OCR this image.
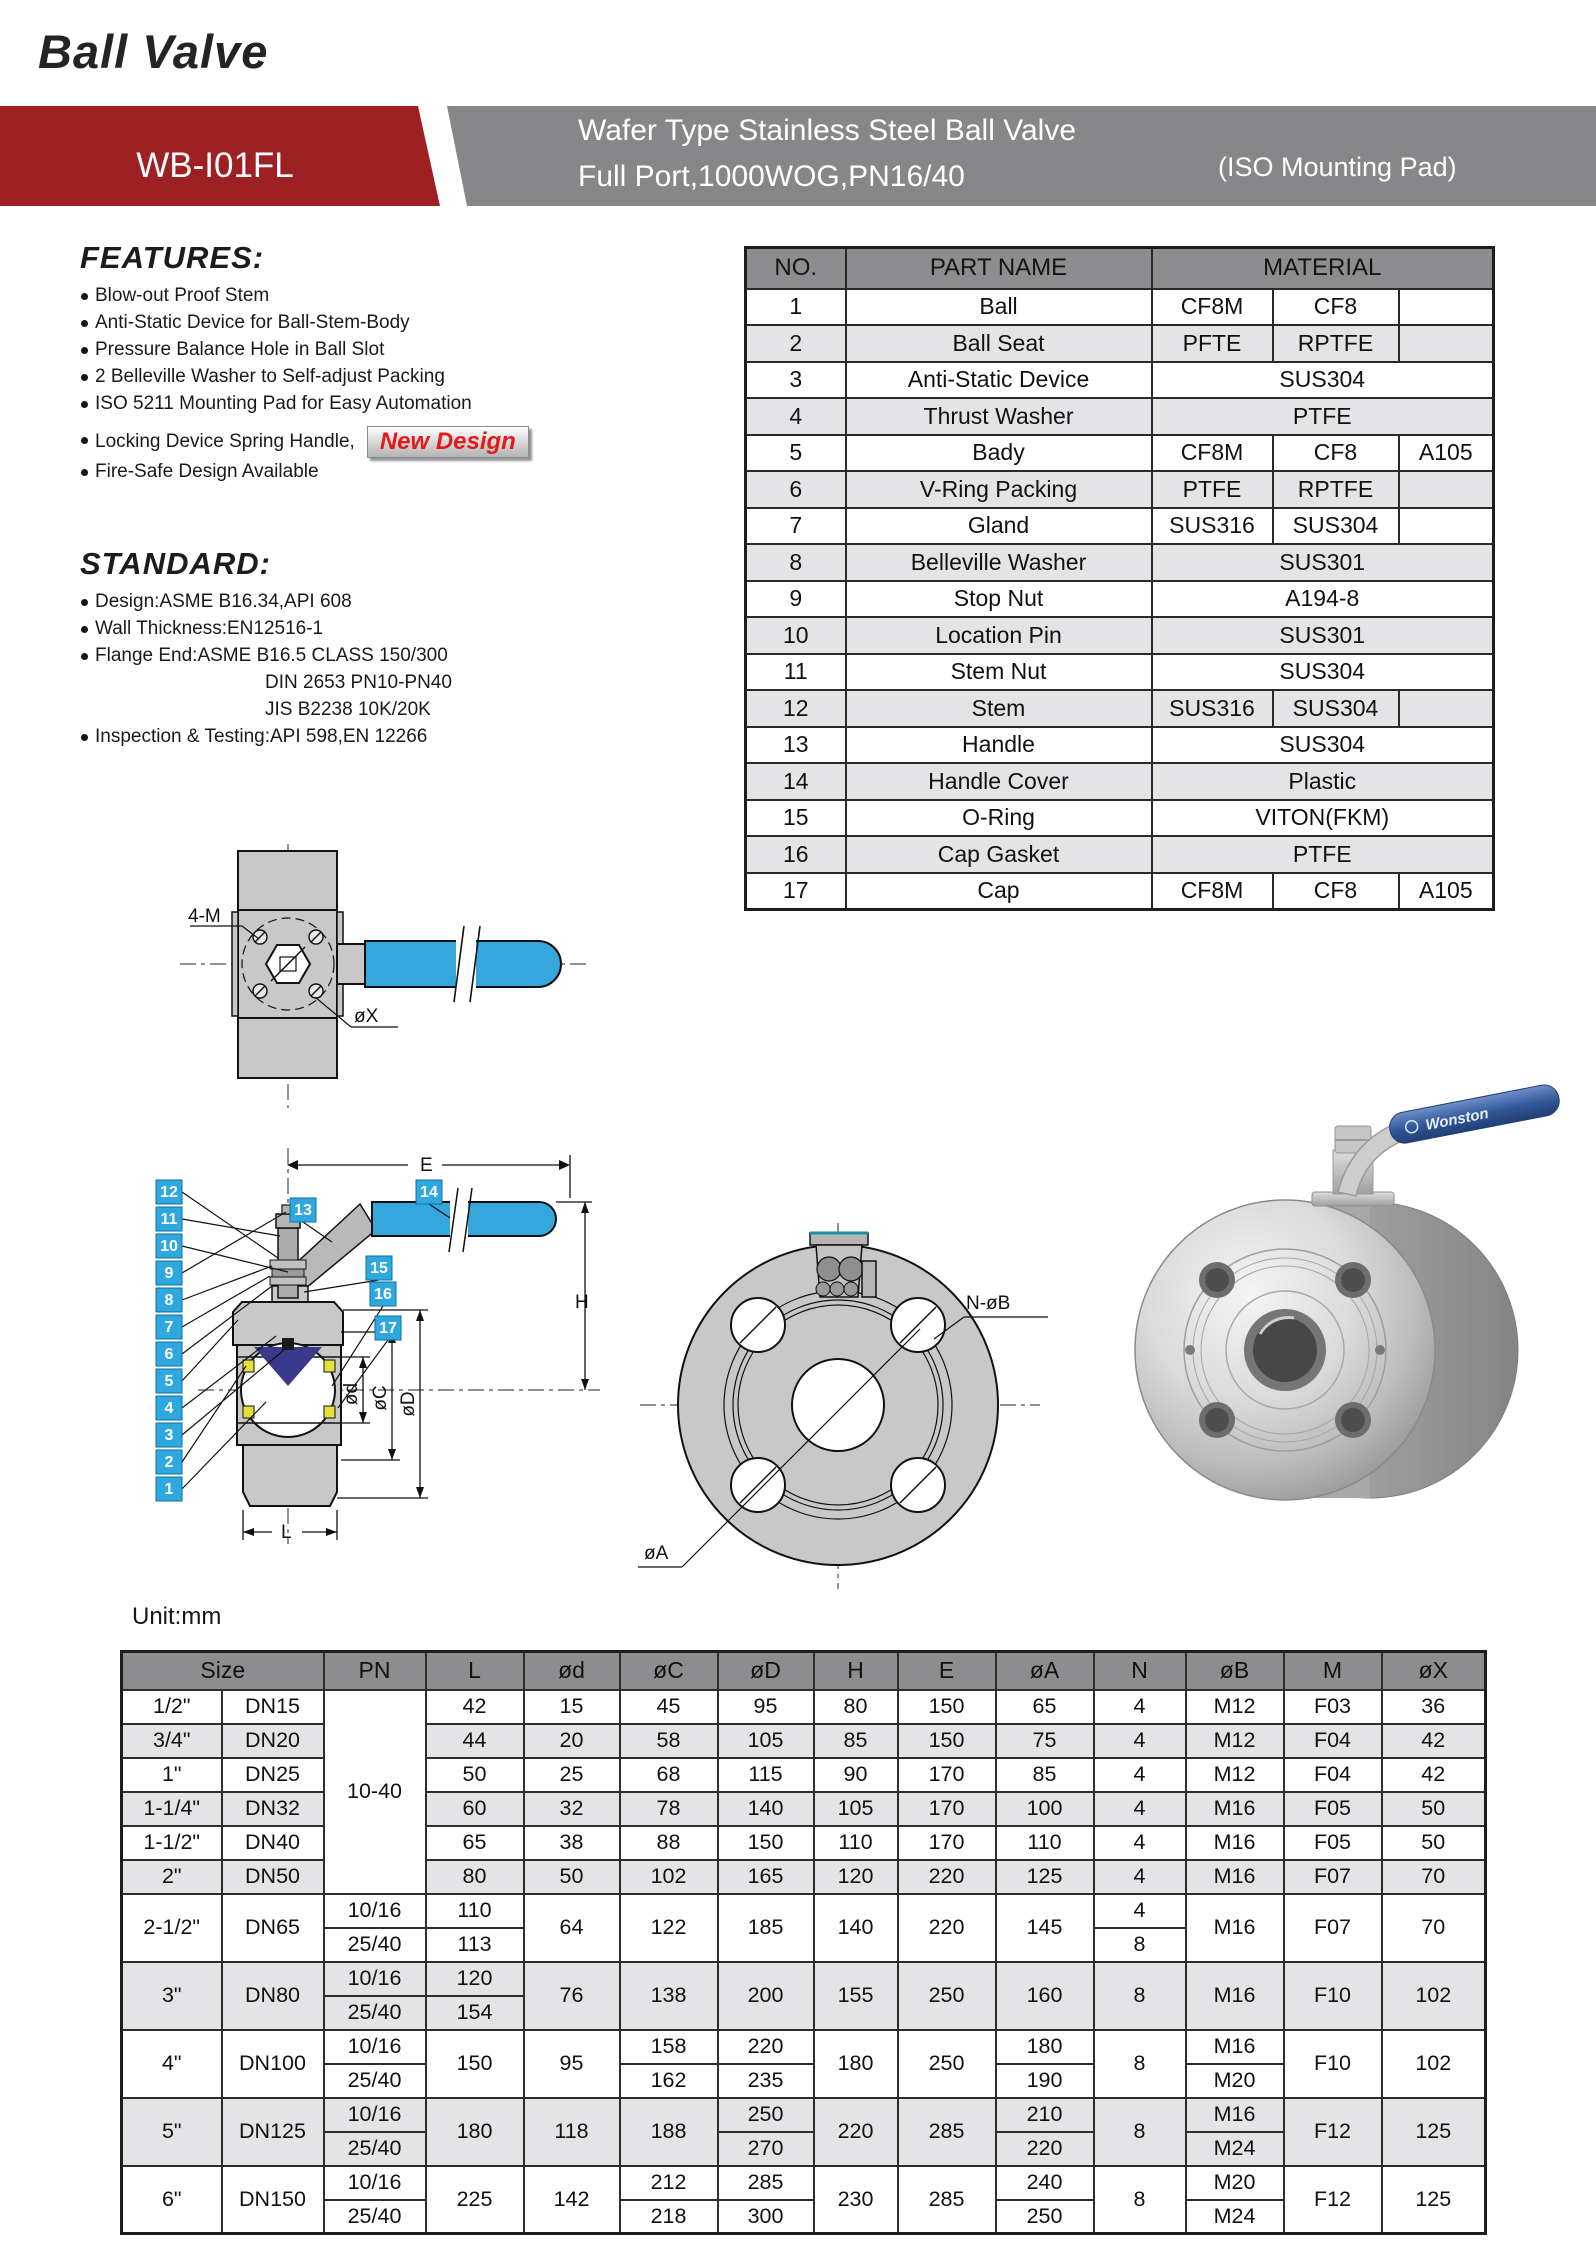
Ball Valve
WB-I01FL
Wafer Type Stainless Steel Ball Valve
Full Port,1000WOG,PN16/40	(ISO Mounting Pad)
FEATURES:
Blow-out Proof Stem
Anti-Static Device for Ball-Stem-Body
Pressure Balance Hole in Ball Slot
2 Belleville Washer to Self-adjust Packing
ISO 5211 Mounting Pad for Easy Automation
Locking Device Spring Handle, New Design
Fire-Safe Design Available
STANDARD:
Design:ASME B16.34,API 608
Wall Thickness:EN12516-1
Flange End:ASME B16.5 CLASS 150/300
DIN 2653 PN10-PN40
JIS B2238 10K/20K
Inspection & Testing:API 598,EN 12266
NO.	PART NAME	MATERIAL		
1	Ball	CF8M	CF8	
2	Ball Seat	PFTE	RPTFE	
3	Anti-Static Device	SUS304		
4	Thrust Washer	PTFE		
5	Bady	CF8M	CF8	A105
6	V-Ring Packing	PTFE	RPTFE	
7	Gland	SUS316	SUS304	
8	Belleville Washer	SUS301		
9	Stop Nut	A194-8		
10	Location Pin	SUS301		
11	Stem Nut	SUS304		
12	Stem	SUS316	SUS304	
13	Handle	SUS304		
14	Handle Cover	Plastic		
15	O-Ring	VITON(FKM)		
16	Cap Gasket	PTFE		
17	Cap	CF8M	CF8	A105
4-M
øX
E
ød øC øD
H
L
12
11
10
9
8
7
6
5
4
3
2
1
13
14
15
16
17
øA
N-øB
Wonston
Unit:mm
Size		PN	L	ød	øC	øD	H	E	øA	N	øB	M	øX
1/2"	DN15	10-40	42	15	45	95	80	150	65	4	M12	F03	36
3/4"	DN20		44	20	58	105	85	150	75	4	M12	F04	42
1"	DN25		50	25	68	115	90	170	85	4	M12	F04	42
1-1/4"	DN32		60	32	78	140	105	170	100	4	M16	F05	50
1-1/2"	DN40		65	38	88	150	110	170	110	4	M16	F05	50
2"	DN50		80	50	102	165	120	220	125	4	M16	F07	70
2-1/2"	DN65	10/16	110	64	122	185	140	220	145	4	M16	F07	70
		25/40	113							8			
3"	DN80	10/16	120	76	138	200	155	250	160	8	M16	F10	102
		25/40	154										
4"	DN100	10/16	150	95	158	220	180	250	180	8	M16	F10	102
		25/40			162	235			190		M20		
5"	DN125	10/16	180	118	188	250	220	285	210	8	M16	F12	125
		25/40				270			220		M24		
6"	DN150	10/16	225	142	212	285	230	285	240	8	M20	F12	125
		25/40			218	300			250		M24		
